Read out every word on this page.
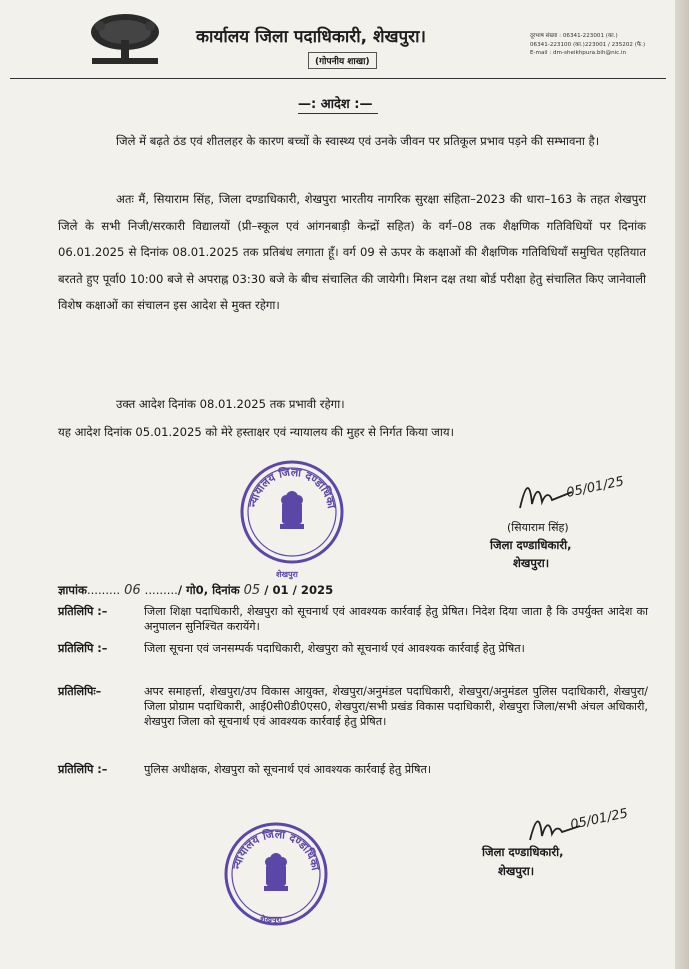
कार्यालय जिला पदाधिकारी, शेखपुरा।
(गोपनीय शाखा)
दूरभाष संख्या : 06341-223001 (का.)
06341-223100 (का.)223001 / 235202 (फै.)
E-mail : dm-sheikhpura.bih@nic.in
—: आदेश :—
जिले में बढ़ते ठंड एवं शीतलहर के कारण बच्चों के स्वास्थ्य एवं उनके जीवन पर प्रतिकूल प्रभाव पड़ने की सम्भावना है।
अतः मैं, सियाराम सिंह, जिला दण्डाधिकारी, शेखपुरा भारतीय नागरिक सुरक्षा संहिता–2023 की धारा–163 के तहत शेखपुरा जिले के सभी निजी/सरकारी विद्यालयों (प्री–स्कूल एवं आंगनबाड़ी केन्द्रों सहित) के वर्ग–08 तक शैक्षणिक गतिविधियों पर दिनांक 06.01.2025 से दिनांक 08.01.2025 तक प्रतिबंध लगाता हूँ। वर्ग 09 से ऊपर के कक्षाओं की शैक्षणिक गतिविधियाँ समुचित एहतियात बरतते हुए पूर्वा0 10:00 बजे से अपराह्न 03:30 बजे के बीच संचालित की जायेगी। मिशन दक्ष तथा बोर्ड परीक्षा हेतु संचालित किए जानेवाली विशेष कक्षाओं का संचालन इस आदेश से मुक्त रहेगा।
उक्त आदेश दिनांक 08.01.2025 तक प्रभावी रहेगा।
यह आदेश दिनांक 05.01.2025 को मेरे हस्ताक्षर एवं न्यायालय की मुहर से निर्गत किया जाय।
न्यायालय जिला दण्डाधिका
शेखपुरा
05/01/25
(सियाराम सिंह)
जिला दण्डाधिकारी,
शेखपुरा।
ज्ञापांक......... 06 ........./ गो0, दिनांक 05 / 01 / 2025
प्रतिलिपि :–	जिला शिक्षा पदाधिकारी, शेखपुरा को सूचनार्थ एवं आवश्यक कार्रवाई हेतु प्रेषित। निदेश दिया जाता है कि उपर्युक्त आदेश का अनुपालन सुनिश्चित करायेंगे।
प्रतिलिपि :–	जिला सूचना एवं जनसम्पर्क पदाधिकारी, शेखपुरा को सूचनार्थ एवं आवश्यक कार्रवाई हेतु प्रेषित।
प्रतिलिपिः–	अपर समाहर्त्ता, शेखपुरा/उप विकास आयुक्त, शेखपुरा/अनुमंडल पदाधिकारी, शेखपुरा/अनुमंडल पुलिस पदाधिकारी, शेखपुरा/जिला प्रोग्राम पदाधिकारी, आई0सी0डी0एस0, शेखपुरा/सभी प्रखंड विकास पदाधिकारी, शेखपुरा जिला/सभी अंचल अधिकारी, शेखपुरा जिला को सूचनार्थ एवं आवश्यक कार्रवाई हेतु प्रेषित।
प्रतिलिपि :–	पुलिस अधीक्षक, शेखपुरा को सूचनार्थ एवं आवश्यक कार्रवाई हेतु प्रेषित।
न्यायालय जिला दण्डाधिका
शेखपुरा
05/01/25
जिला दण्डाधिकारी,
शेखपुरा।
